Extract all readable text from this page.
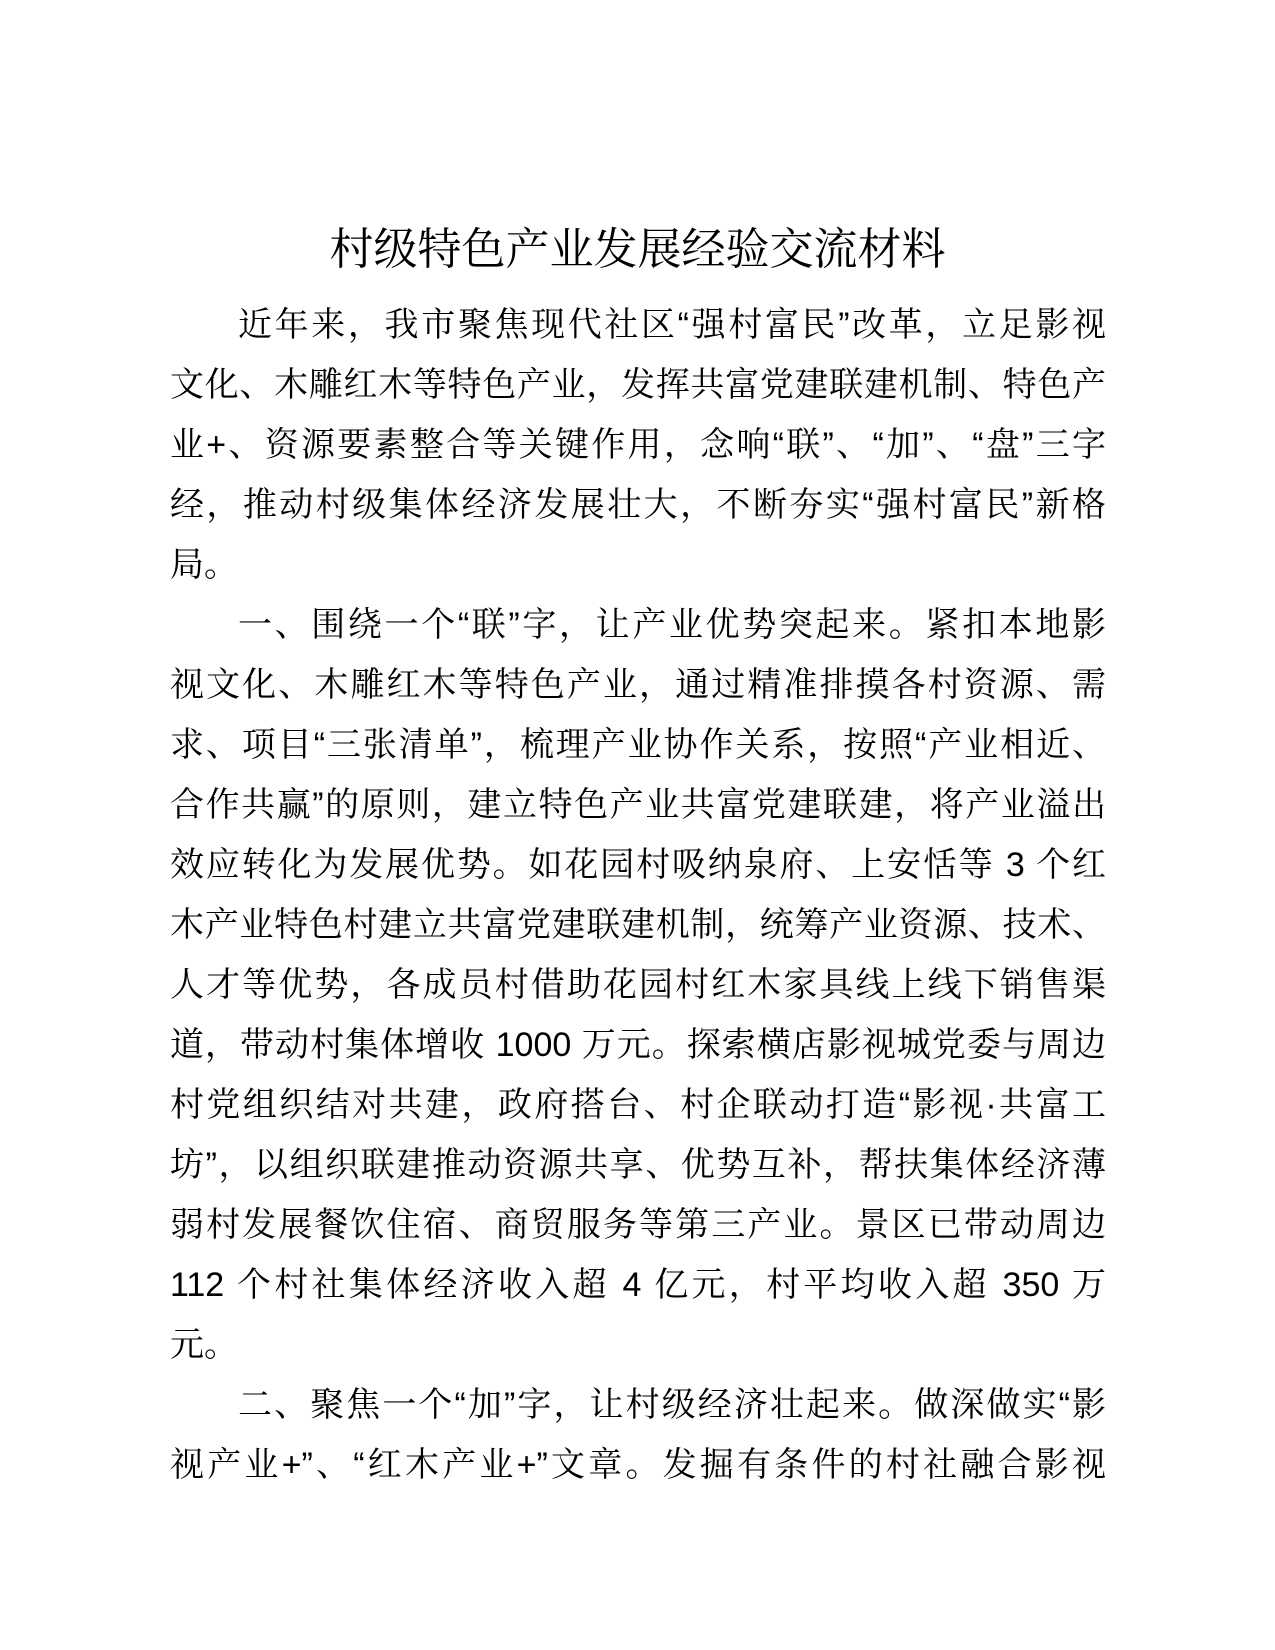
村级特色产业发展经验交流材料
近年来，我市聚焦现代社区“强村富民”改革，立足影视
文化、木雕红木等特色产业，发挥共富党建联建机制、特色产
业+、资源要素整合等关键作用，念响“联”、“加”、“盘”三字
经，推动村级集体经济发展壮大，不断夯实“强村富民”新格
局。
一、围绕一个“联”字，让产业优势突起来。紧扣本地影
视文化、木雕红木等特色产业，通过精准排摸各村资源、需
求、项目“三张清单”，梳理产业协作关系，按照“产业相近、
合作共赢”的原则，建立特色产业共富党建联建，将产业溢出
效应转化为发展优势。如花园村吸纳泉府、上安恬等 3 个红
木产业特色村建立共富党建联建机制，统筹产业资源、技术、
人才等优势，各成员村借助花园村红木家具线上线下销售渠
道，带动村集体增收 1000 万元。探索横店影视城党委与周边
村党组织结对共建，政府搭台、村企联动打造“影视·共富工
坊”，以组织联建推动资源共享、优势互补，帮扶集体经济薄
弱村发展餐饮住宿、商贸服务等第三产业。景区已带动周边
112 个村社集体经济收入超 4 亿元，村平均收入超 350 万
元。
二、聚焦一个“加”字，让村级经济壮起来。做深做实“影
视产业+”、“红木产业+”文章。发掘有条件的村社融合影视
